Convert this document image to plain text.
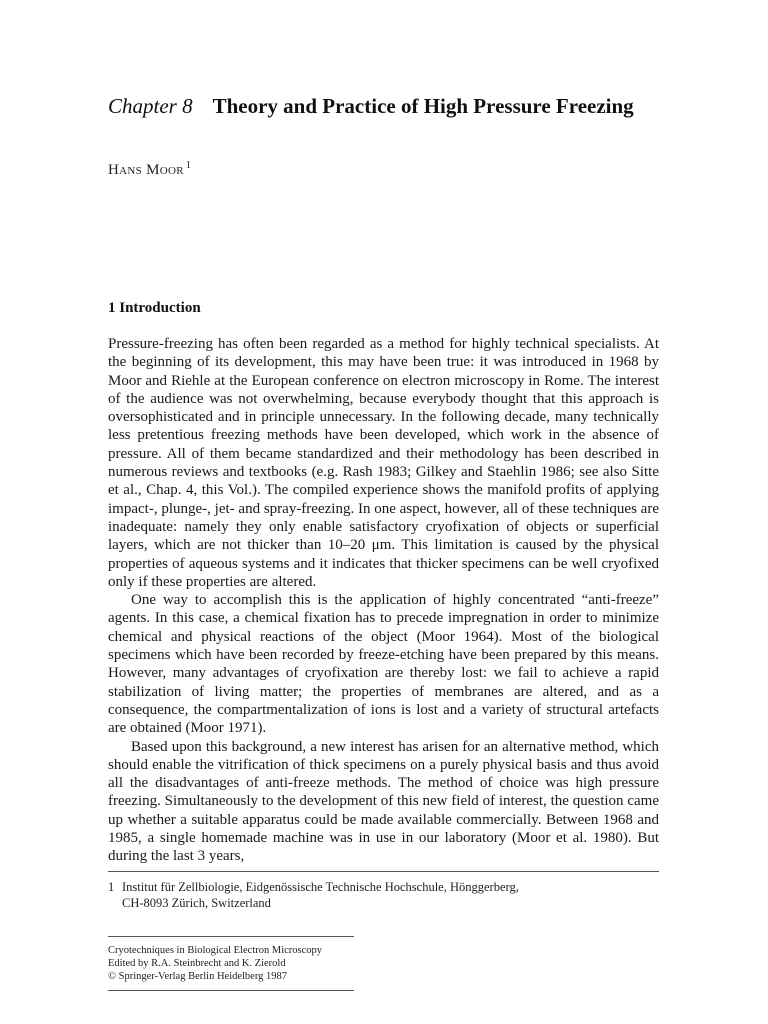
Chapter 8 Theory and Practice of High Pressure Freezing

Hans Moor $^1$

1 Introduction

Pressure-freezing has often been regarded as a method for highly technical specialists. At the beginning of its development, this may have been true: it was introduced in 1968 by Moor and Riehle at the European conference on electron microscopy in Rome. The interest of the audience was not overwhelming, because everybody thought that this approach is oversophisticated and in principle unnecessary. In the following decade, many technically less pretentious freezing methods have been developed, which work in the absence of pressure. All of them became standardized and their methodology has been described in numerous reviews and textbooks (e.g. Rash 1983; Gilkey and Staehlin 1986; see also Sitte et al., Chap. 4, this Vol.). The compiled experience shows the manifold profits of applying impact-, plunge-, jet- and spray-freezing. In one aspect, however, all of these techniques are inadequate: namely they only enable satisfactory cryofixation of objects or superficial layers, which are not thicker than 10–20 μm. This limitation is caused by the physical properties of aqueous systems and it indicates that thicker specimens can be well cryofixed only if these properties are altered.

One way to accomplish this is the application of highly concentrated “anti-freeze” agents. In this case, a chemical fixation has to precede impregnation in order to minimize chemical and physical reactions of the object (Moor 1964). Most of the biological specimens which have been recorded by freeze-etching have been prepared by this means. However, many advantages of cryofixation are thereby lost: we fail to achieve a rapid stabilization of living matter; the properties of membranes are altered, and as a consequence, the compartmentalization of ions is lost and a variety of structural artefacts are obtained (Moor 1971).

Based upon this background, a new interest has arisen for an alternative method, which should enable the vitrification of thick specimens on a purely physical basis and thus avoid all the disadvantages of anti-freeze methods. The method of choice was high pressure freezing. Simultaneously to the development of this new field of interest, the question came up whether a suitable apparatus could be made available commercially. Between 1968 and 1985, a single homemade machine was in use in our laboratory (Moor et al. 1980). But during the last 3 years,

1 Institut für Zellbiologie, Eidgenössische Technische Hochschule, Hönggerberg,
CH-8093 Zürich, Switzerland
Cryotechniques in Biological Electron Microscopy
Edited by R.A. Steinbrecht and K. Zierold
© Springer-Verlag Berlin Heidelberg 1987
